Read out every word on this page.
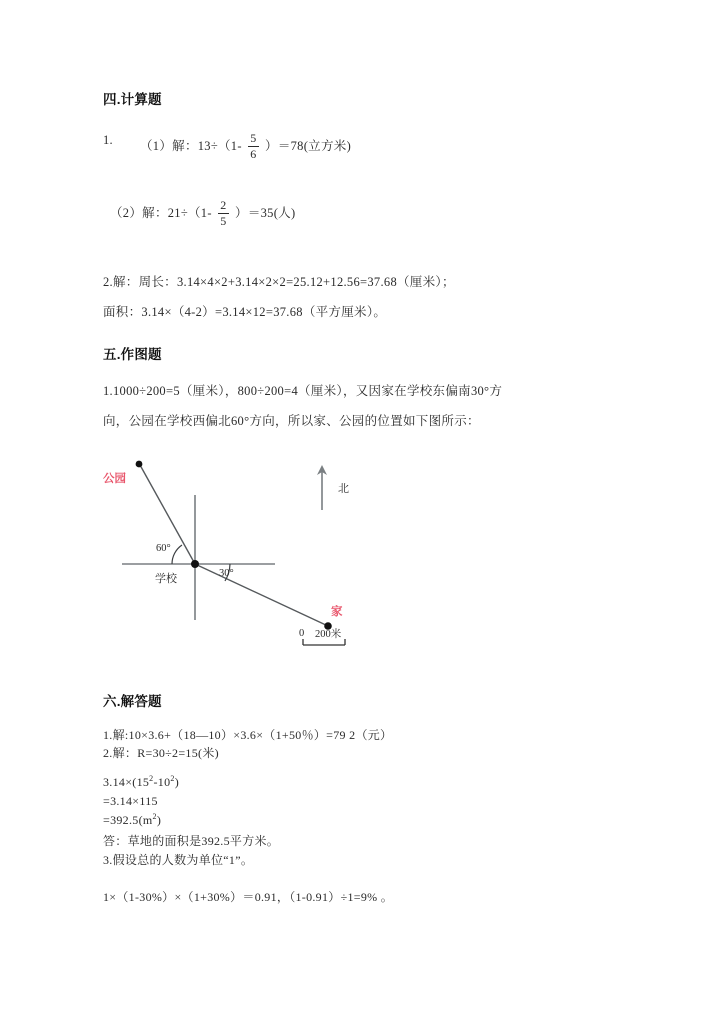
四.计算题
1. （1）解：$13\div(1- \frac{5}{6} )=78$(立方米)
（2）解：$21\div(1- \frac{2}{5} )=35$(人)
2.解：周长：3.14×4×2+3.14×2×2=25.12+12.56=37.68（厘米）；
面积：3.14×（4-2）=3.14×12=37.68（平方厘米）。
五.作图题
1.1000÷200=5（厘米），800÷200=4（厘米），又因家在学校东偏南30°方
向，公园在学校西偏北60°方向，所以家、公园的位置如下图所示：
公园
学校
家
北
60°
30°
0 200米
六.解答题
1.解:10×3.6+（18—10）×3.6×（1+50％）=79 2（元）
2.解：R=30÷2=15(米)
$3.14\times(15^2-10^2)$
=3.14×115
$=392.5(m^2)$
答：草地的面积是392.5平方米。
3.假设总的人数为单位“1”。
1×（1-30%）×（1+30%）＝0.91，（1-0.91）÷1=9% 。
